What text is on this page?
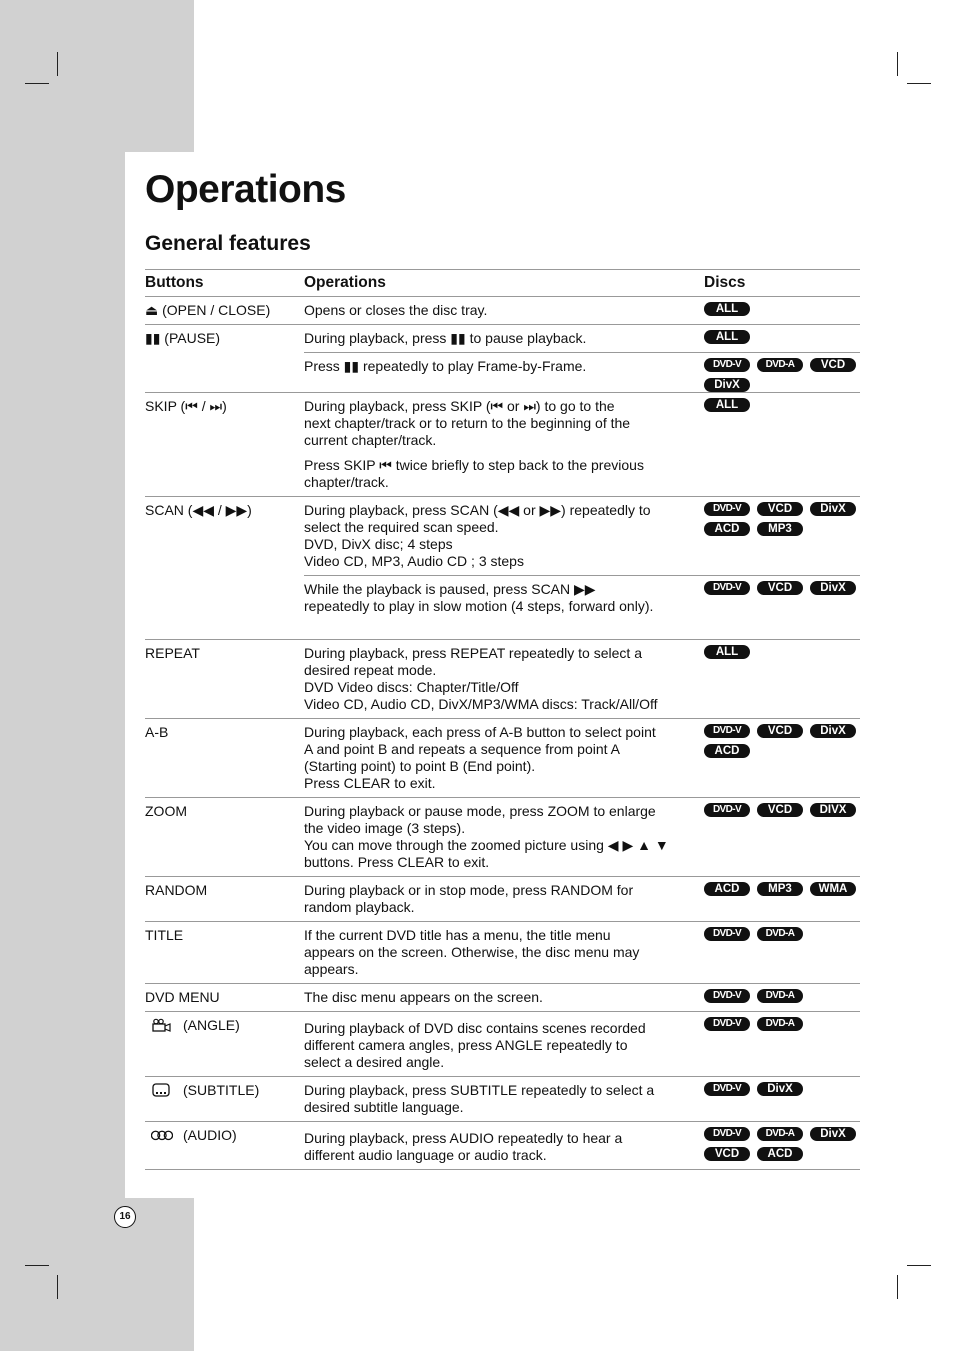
Operations
General features
Buttons	Operations	Discs
⏏ (OPEN / CLOSE)	Opens or closes the disc tray.	ALL
▮▮ (PAUSE)	During playback, press ▮▮ to pause playback.	ALL
Press ▮▮ repeatedly to play Frame-by-Frame.	DVD-V	DVD-A	VCD
DivX
SKIP (⏮ / ⏭)	During playback, press SKIP (⏮ or ⏭) to go to the
next chapter/track or to return to the beginning of the
current chapter/track.
Press SKIP ⏮ twice briefly to step back to the previous
chapter/track.
ALL
SCAN (◀◀ / ▶▶)	During playback, press SCAN (◀◀ or ▶▶) repeatedly to
select the required scan speed.
DVD, DivX disc; 4 steps
Video CD, MP3, Audio CD ; 3 steps
DVD-V	VCD	DivX
ACD	MP3
While the playback is paused, press SCAN ▶▶
repeatedly to play in slow motion (4 steps, forward only).
DVD-V	VCD	DivX
REPEAT	During playback, press REPEAT repeatedly to select a
desired repeat mode.
DVD Video discs: Chapter/Title/Off
Video CD, Audio CD, DivX/MP3/WMA discs: Track/All/Off
ALL
A-B	During playback, each press of A-B button to select point
A and point B and repeats a sequence from point A
(Starting point) to point B (End point).
Press CLEAR to exit.
DVD-V	VCD	DivX
ACD
ZOOM	During playback or pause mode, press ZOOM to enlarge
the video image (3 steps).
You can move through the zoomed picture using ◀ ▶ ▲ ▼
buttons. Press CLEAR to exit.
DVD-V	VCD	DIVX
RANDOM	During playback or in stop mode, press RANDOM for
random playback.
ACD	MP3	WMA
TITLE	If the current DVD title has a menu, the title menu
appears on the screen. Otherwise, the disc menu may
appears.
DVD-V	DVD-A
DVD MENU	The disc menu appears on the screen.	DVD-V	DVD-A
(ANGLE)	During playback of DVD disc contains scenes recorded
different camera angles, press ANGLE repeatedly to
select a desired angle.
DVD-V	DVD-A
(SUBTITLE)	During playback, press SUBTITLE repeatedly to select a
desired subtitle language.
DVD-V	DivX
(AUDIO)	During playback, press AUDIO repeatedly to hear a
different audio language or audio track.
DVD-V	DVD-A	DivX
VCD	ACD
16
